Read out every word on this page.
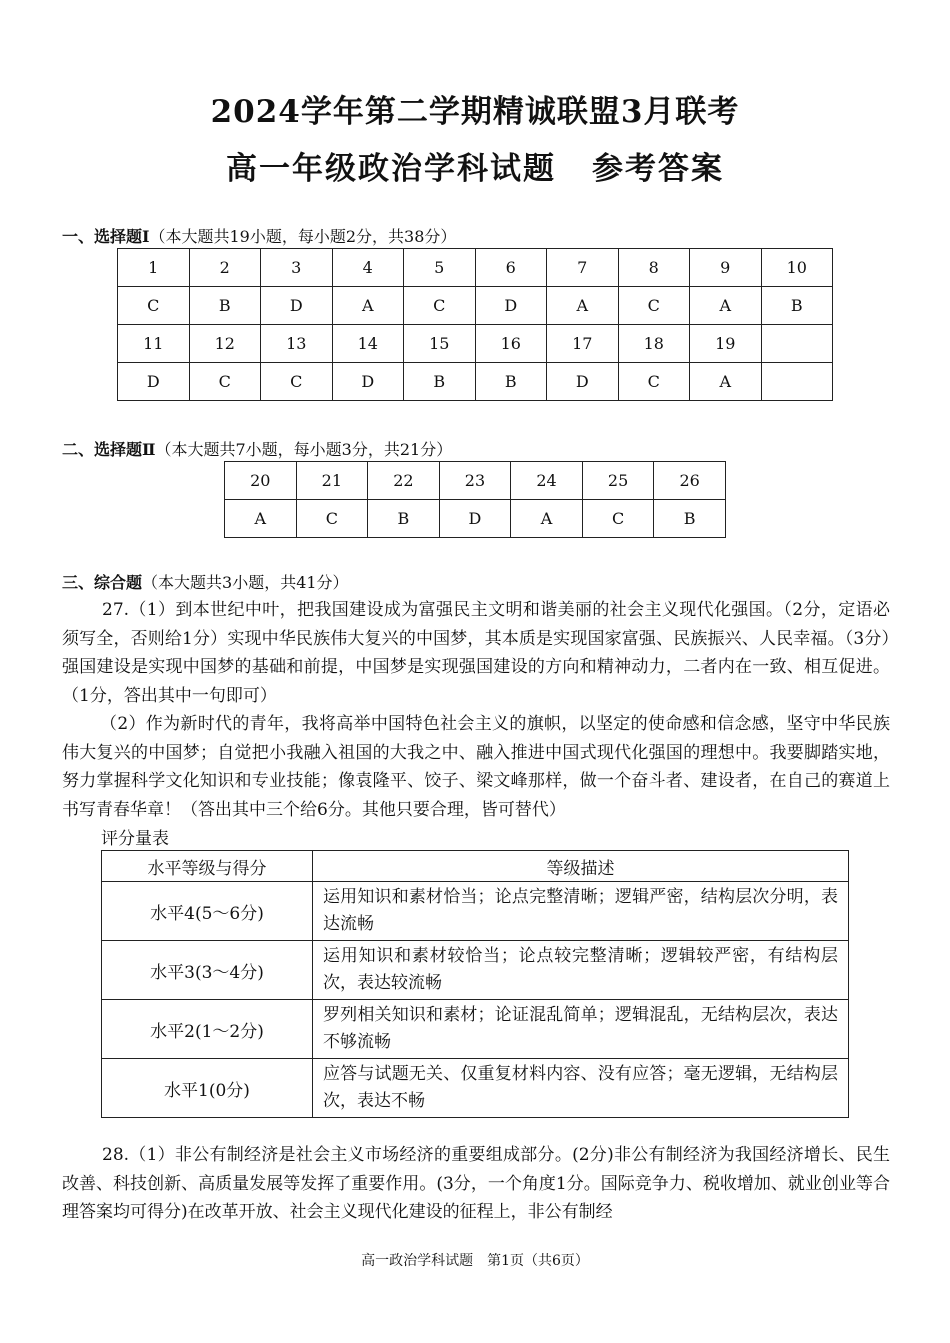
2024学年第二学期精诚联盟3月联考
高一年级政治学科试题 参考答案
一、选择题Ⅰ（本大题共19小题，每小题2分，共38分）
1	2	3	4	5	6	7	8	9	10
C	B	D	A	C	D	A	C	A	B
11	12	13	14	15	16	17	18	19	
D	C	C	D	B	B	D	C	A	
二、选择题Ⅱ（本大题共7小题，每小题3分，共21分）
20	21	22	23	24	25	26
A	C	B	D	A	C	B
三、综合题（本大题共3小题，共41分）
27.（1）到本世纪中叶，把我国建设成为富强民主文明和谐美丽的社会主义现代化强国。（2分，定语必须写全，否则给1分）实现中华民族伟大复兴的中国梦，其本质是实现国家富强、民族振兴、人民幸福。（3分）强国建设是实现中国梦的基础和前提，中国梦是实现强国建设的方向和精神动力，二者内在一致、相互促进。（1分，答出其中一句即可）
（2）作为新时代的青年，我将高举中国特色社会主义的旗帜，以坚定的使命感和信念感，坚守中华民族伟大复兴的中国梦；自觉把小我融入祖国的大我之中、融入推进中国式现代化强国的理想中。我要脚踏实地，努力掌握科学文化知识和专业技能；像袁隆平、饺子、梁文峰那样，做一个奋斗者、建设者，在自己的赛道上书写青春华章！（答出其中三个给6分。其他只要合理，皆可替代）
评分量表
水平等级与得分	等级描述
水平4(5～6分)	运用知识和素材恰当；论点完整清晰；逻辑严密，结构层次分明，表达流畅
水平3(3～4分)	运用知识和素材较恰当；论点较完整清晰；逻辑较严密，有结构层次，表达较流畅
水平2(1～2分)	罗列相关知识和素材；论证混乱简单；逻辑混乱，无结构层次，表达不够流畅
水平1(0分)	应答与试题无关、仅重复材料内容、没有应答；毫无逻辑，无结构层次，表达不畅
28.（1）非公有制经济是社会主义市场经济的重要组成部分。(2分)非公有制经济为我国经济增长、民生改善、科技创新、高质量发展等发挥了重要作用。(3分，一个角度1分。国际竞争力、税收增加、就业创业等合理答案均可得分)在改革开放、社会主义现代化建设的征程上，非公有制经
高一政治学科试题　第1页（共6页）
